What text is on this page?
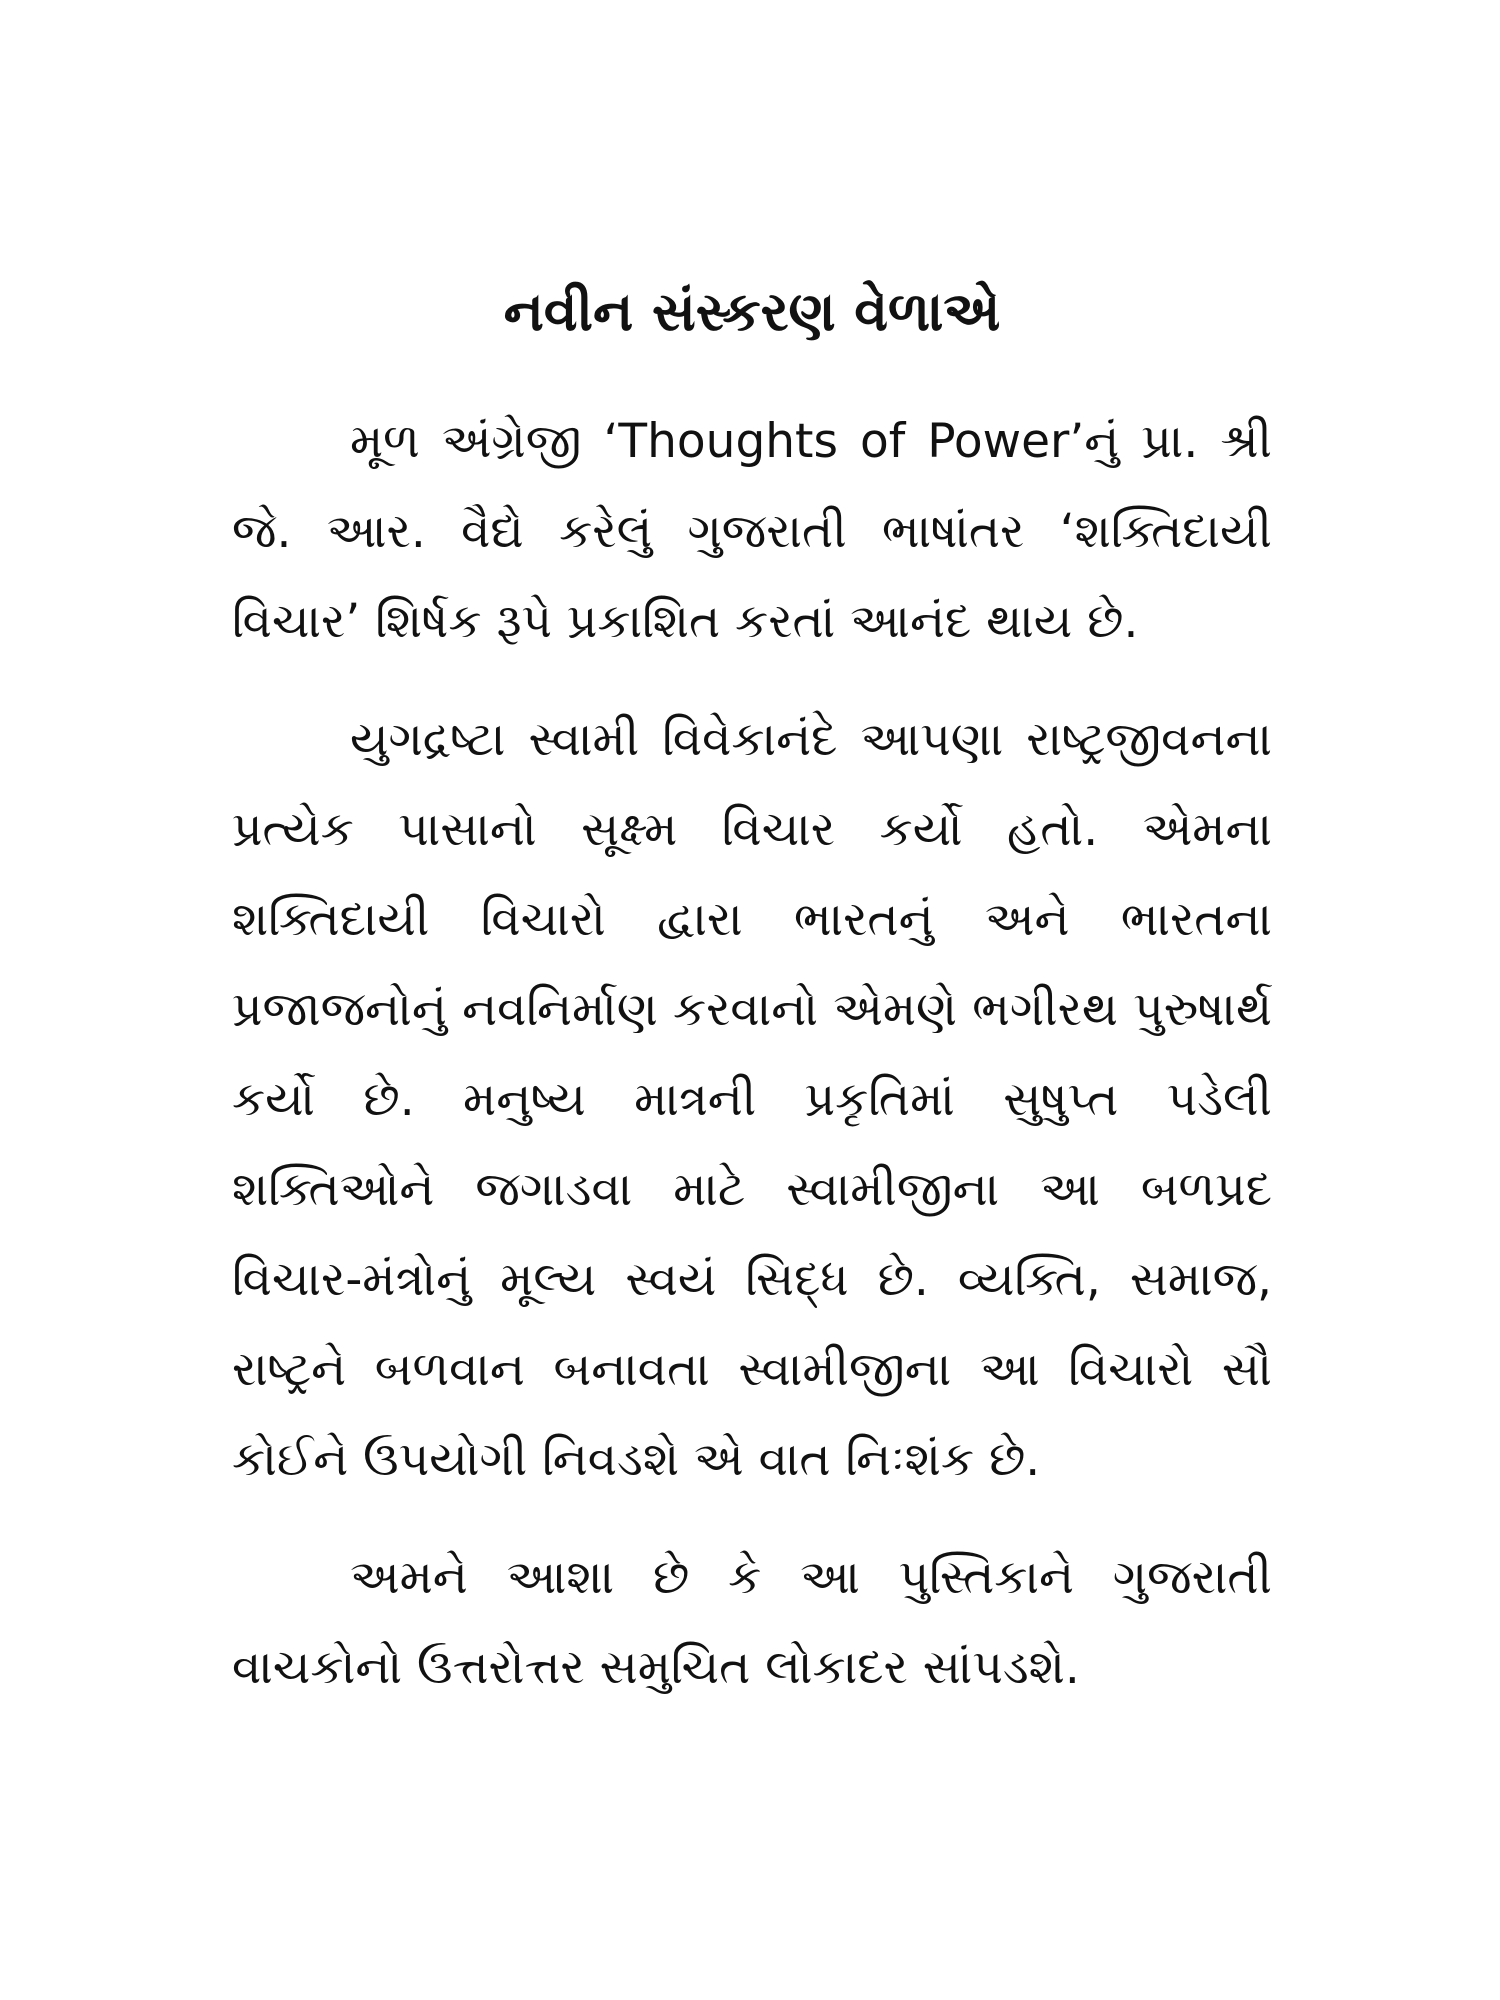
નવીન સંસ્કરણ વેળાએ

મૂળ અંગ્રેજી ‘Thoughts of Power’નું પ્રા. શ્રી જે. આર. વૈદ્યે કરેલું ગુજરાતી ભાષાંતર ‘શક્તિદાયી વિચાર’ શિર્ષક રૂપે પ્રકાશિત કરતાં આનંદ થાય છે.

યુગદ્રષ્ટા સ્વામી વિવેકાનંદે આપણા રાષ્ટ્રજીવનના પ્રત્યેક પાસાનો સૂક્ષ્મ વિચાર કર્યો હતો. એમના શક્તિદાયી વિચારો દ્વારા ભારતનું અને ભારતના પ્રજાજનોનું નવનિર્માણ કરવાનો એમણે ભગીરથ પુરુષાર્થ કર્યો છે. મનુષ્ય માત્રની પ્રકૃતિમાં સુષુપ્ત પડેલી શક્તિઓને જગાડવા માટે સ્વામીજીના આ બળપ્રદ વિચાર-મંત્રોનું મૂલ્ય સ્વયં સિદ્ધ છે. વ્યક્તિ, સમાજ, રાષ્ટ્રને બળવાન બનાવતા સ્વામીજીના આ વિચારો સૌ કોઈને ઉપયોગી નિવડશે એ વાત નિઃશંક છે.

અમને આશા છે કે આ પુસ્તિકાને ગુજરાતી વાચકોનો ઉત્તરોત્તર સમુચિત લોકાદર સાંપડશે.
